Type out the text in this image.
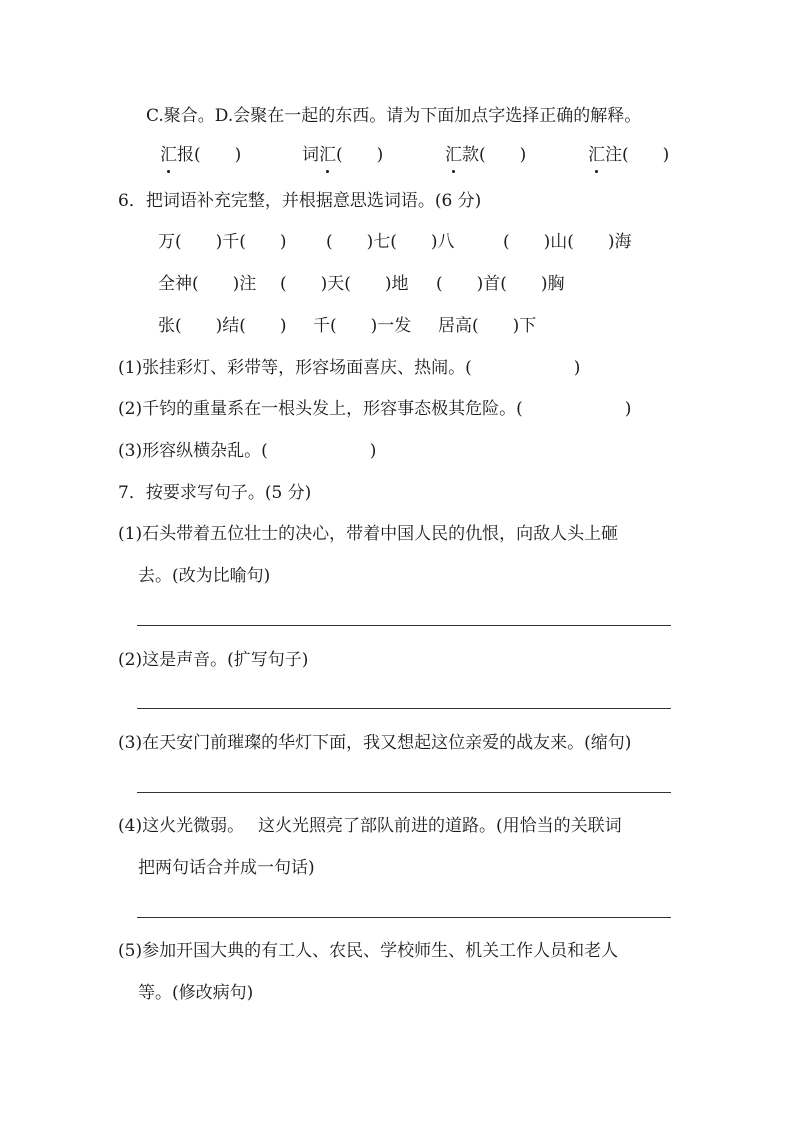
C.聚合。D.会聚在一起的东西。请为下面加点字选择正确的解释。
汇报(　　)	词汇(　　)	汇款(　　)	汇注(　　)
6．把词语补充完整，并根据意思选词语。(6 分)
万(　　)千(　　) (　　)七(　　)八	(　　)山(　　)海
全神(　　)注 (　　)天(　　)地 (　　)首(　　)胸
张(　　)结(　　) 千(　　)一发 居高(　　)下
(1)张挂彩灯、彩带等，形容场面喜庆、热闹。(　　　　　　)
(2)千钧的重量系在一根头发上，形容事态极其危险。(　　　　　　)
(3)形容纵横杂乱。(　　　　　　)
7．按要求写句子。(5 分)
(1)石头带着五位壮士的决心，带着中国人民的仇恨，向敌人头上砸
去。(改为比喻句)
(2)这是声音。(扩写句子)
(3)在天安门前璀璨的华灯下面，我又想起这位亲爱的战友来。(缩句)
(4)这火光微弱。　 这火光照亮了部队前进的道路。(用恰当的关联词
把两句话合并成一句话)
(5)参加开国大典的有工人、农民、学校师生、机关工作人员和老人
等。(修改病句)
